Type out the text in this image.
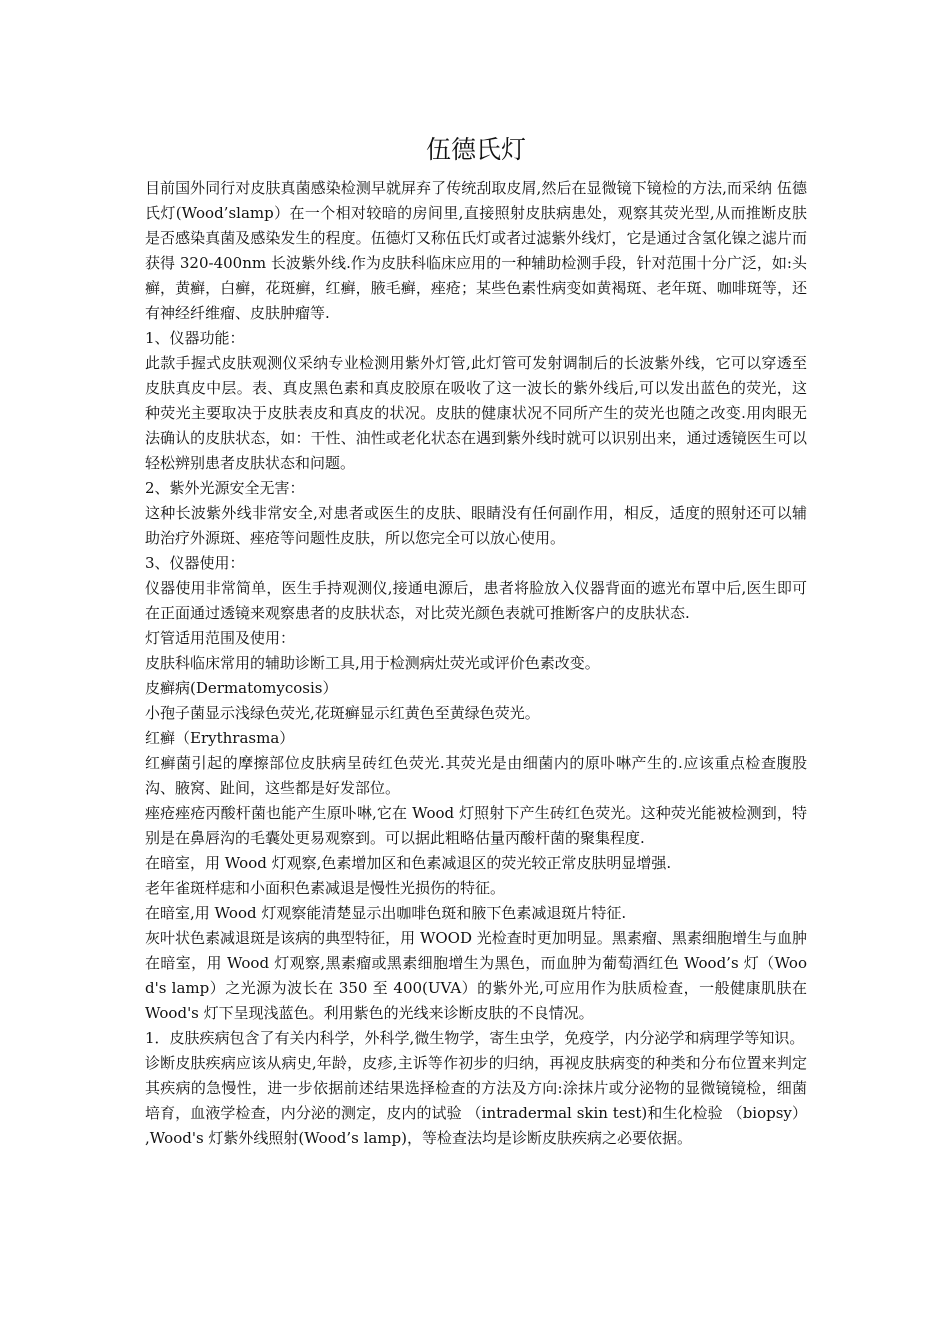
伍德氏灯

目前国外同行对皮肤真菌感染检测早就屏弃了传统刮取皮屑,然后在显微镜下镜检的方法,而采纳 伍德氏灯(Wood’slamp）在一个相对较暗的房间里,直接照射皮肤病患处，观察其荧光型,从而推断皮肤是否感染真菌及感染发生的程度。伍德灯又称伍氏灯或者过滤紫外线灯，它是通过含氢化镍之滤片而获得 320-400nm 长波紫外线.作为皮肤科临床应用的一种辅助检测手段，针对范围十分广泛，如:头癣，黄癣，白癣，花斑癣，红癣，腋毛癣，痤疮；某些色素性病变如黄褐斑、老年斑、咖啡斑等，还有神经纤维瘤、皮肤肿瘤等.

1、仪器功能：

此款手握式皮肤观测仪采纳专业检测用紫外灯管,此灯管可发射调制后的长波紫外线，它可以穿透至皮肤真皮中层。表、真皮黑色素和真皮胶原在吸收了这一波长的紫外线后,可以发出蓝色的荧光，这种荧光主要取决于皮肤表皮和真皮的状况。皮肤的健康状况不同所产生的荧光也随之改变.用肉眼无法确认的皮肤状态，如：干性、油性或老化状态在遇到紫外线时就可以识别出来，通过透镜医生可以轻松辨别患者皮肤状态和问题。

2、紫外光源安全无害：

这种长波紫外线非常安全,对患者或医生的皮肤、眼睛没有任何副作用，相反，适度的照射还可以辅助治疗外源斑、痤疮等问题性皮肤，所以您完全可以放心使用。

3、仪器使用：

仪器使用非常简单，医生手持观测仪,接通电源后，患者将脸放入仪器背面的遮光布罩中后,医生即可在正面通过透镜来观察患者的皮肤状态，对比荧光颜色表就可推断客户的皮肤状态.

灯管适用范围及使用：

皮肤科临床常用的辅助诊断工具,用于检测病灶荧光或评价色素改变。

皮癣病(Dermatomycosis）

小孢子菌显示浅绿色荧光,花斑癣显示红黄色至黄绿色荧光。

红癣（Erythrasma）

红癣菌引起的摩擦部位皮肤病呈砖红色荧光.其荧光是由细菌内的原卟啉产生的.应该重点检查腹股沟、腋窝、趾间，这些都是好发部位。

痤疮痤疮丙酸杆菌也能产生原卟啉,它在 Wood 灯照射下产生砖红色荧光。这种荧光能被检测到，特别是在鼻唇沟的毛囊处更易观察到。可以据此粗略估量丙酸杆菌的聚集程度.

在暗室，用 Wood 灯观察,色素增加区和色素减退区的荧光较正常皮肤明显增强.

老年雀斑样痣和小面积色素减退是慢性光损伤的特征。

在暗室,用 Wood 灯观察能清楚显示出咖啡色斑和腋下色素减退斑片特征.

灰叶状色素减退斑是该病的典型特征，用 WOOD 光检查时更加明显。黑素瘤、黑素细胞增生与血肿在暗室，用 Wood 灯观察,黑素瘤或黑素细胞增生为黑色，而血肿为葡萄酒红色 Wood’s 灯（Wood's lamp）之光源为波长在 350 至 400(UVA）的紫外光,可应用作为肤质检查，一般健康肌肤在 Wood's 灯下呈现浅蓝色。利用紫色的光线来诊断皮肤的不良情况。

1．皮肤疾病包含了有关内科学，外科学,微生物学，寄生虫学，免疫学，内分泌学和病理学等知识。

诊断皮肤疾病应该从病史,年龄，皮疹,主诉等作初步的归纳，再视皮肤病变的种类和分布位置来判定其疾病的急慢性，进一步依据前述结果选择检查的方法及方向:涂抹片或分泌物的显微镜镜检，细菌培育，血液学检查，内分泌的测定，皮内的试验 （intradermal skin test)和生化检验 （biopsy） ,Wood's 灯紫外线照射(Wood’s lamp)，等检查法均是诊断皮肤疾病之必要依据。
